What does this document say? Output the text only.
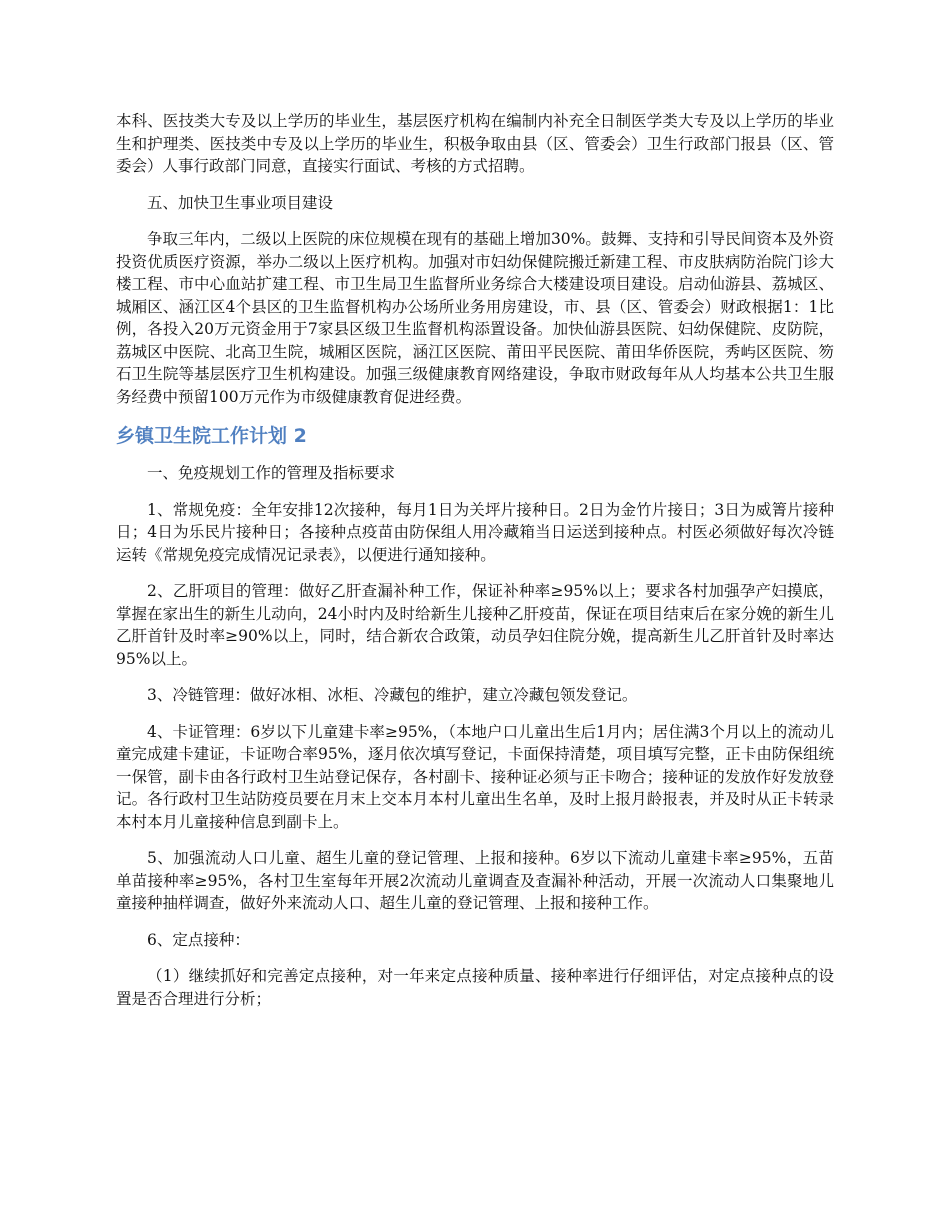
本科、医技类大专及以上学历的毕业生，基层医疗机构在编制内补充全日制医学类大专及以上学历的毕业生和护理类、医技类中专及以上学历的毕业生，积极争取由县（区、管委会）卫生行政部门报县（区、管委会）人事行政部门同意，直接实行面试、考核的方式招聘。

五、加快卫生事业项目建设

争取三年内，二级以上医院的床位规模在现有的基础上增加30%。鼓舞、支持和引导民间资本及外资投资优质医疗资源，举办二级以上医疗机构。加强对市妇幼保健院搬迁新建工程、市皮肤病防治院门诊大楼工程、市中心血站扩建工程、市卫生局卫生监督所业务综合大楼建设项目建设。启动仙游县、荔城区、城厢区、涵江区4个县区的卫生监督机构办公场所业务用房建设，市、县（区、管委会）财政根据1：1比例，各投入20万元资金用于7家县区级卫生监督机构添置设备。加快仙游县医院、妇幼保健院、皮防院，荔城区中医院、北高卫生院，城厢区医院，涵江区医院、莆田平民医院、莆田华侨医院，秀屿区医院、笏石卫生院等基层医疗卫生机构建设。加强三级健康教育网络建设，争取市财政每年从人均基本公共卫生服务经费中预留100万元作为市级健康教育促进经费。

乡镇卫生院工作计划 2

一、免疫规划工作的管理及指标要求

1、常规免疫：全年安排12次接种，每月1日为关坪片接种日。2日为金竹片接日；3日为威箐片接种日；4日为乐民片接种日；各接种点疫苗由防保组人用冷藏箱当日运送到接种点。村医必须做好每次冷链运转《常规免疫完成情况记录表》，以便进行通知接种。

2、乙肝项目的管理：做好乙肝查漏补种工作，保证补种率≥95%以上；要求各村加强孕产妇摸底，掌握在家出生的新生儿动向，24小时内及时给新生儿接种乙肝疫苗，保证在项目结束后在家分娩的新生儿乙肝首针及时率≥90%以上，同时，结合新农合政策，动员孕妇住院分娩，提高新生儿乙肝首针及时率达95%以上。

3、冷链管理：做好冰相、冰柜、冷藏包的维护，建立冷藏包领发登记。

4、卡证管理：6岁以下儿童建卡率≥95%，（本地户口儿童出生后1月内；居住满3个月以上的流动儿童完成建卡建证，卡证吻合率95%，逐月依次填写登记，卡面保持清楚，项目填写完整，正卡由防保组统一保管，副卡由各行政村卫生站登记保存，各村副卡、接种证必须与正卡吻合；接种证的发放作好发放登记。各行政村卫生站防疫员要在月末上交本月本村儿童出生名单，及时上报月龄报表，并及时从正卡转录本村本月儿童接种信息到副卡上。

5、加强流动人口儿童、超生儿童的登记管理、上报和接种。6岁以下流动儿童建卡率≥95%，五苗单苗接种率≥95%，各村卫生室每年开展2次流动儿童调查及查漏补种活动，开展一次流动人口集聚地儿童接种抽样调查，做好外来流动人口、超生儿童的登记管理、上报和接种工作。

6、定点接种：

（1）继续抓好和完善定点接种，对一年来定点接种质量、接种率进行仔细评估，对定点接种点的设置是否合理进行分析；
